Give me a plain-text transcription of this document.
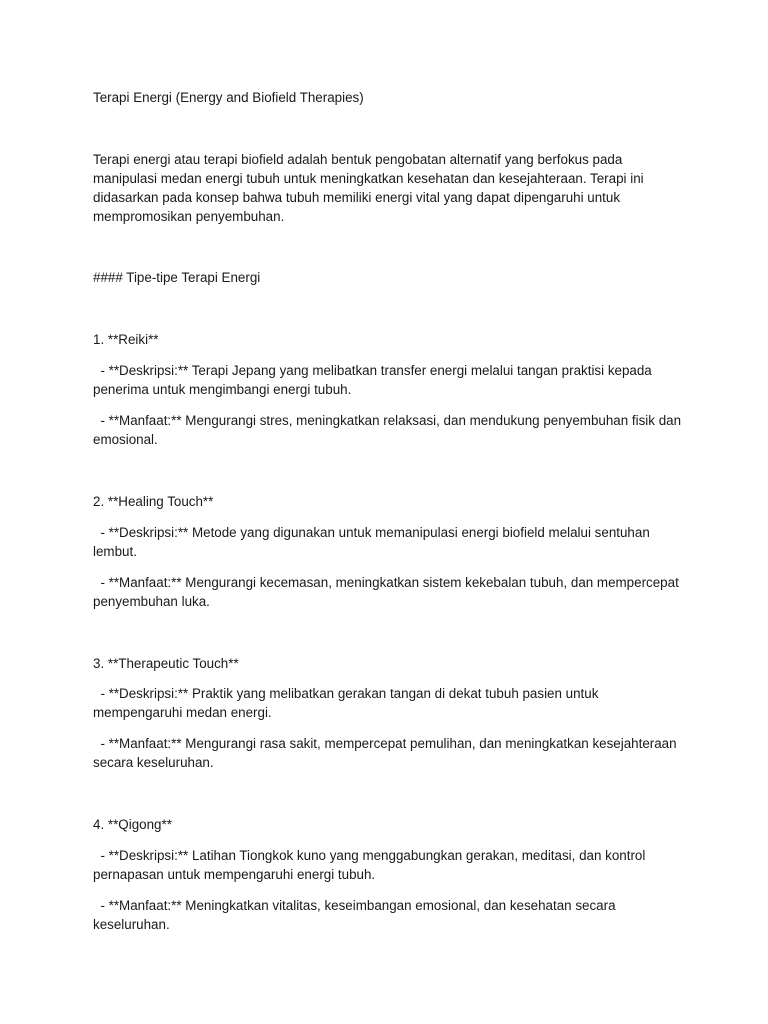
Terapi Energi (Energy and Biofield Therapies)

Terapi energi atau terapi biofield adalah bentuk pengobatan alternatif yang berfokus pada

manipulasi medan energi tubuh untuk meningkatkan kesehatan dan kesejahteraan. Terapi ini

didasarkan pada konsep bahwa tubuh memiliki energi vital yang dapat dipengaruhi untuk

mempromosikan penyembuhan.

#### Tipe-tipe Terapi Energi

1. **Reiki**

- **Deskripsi:** Terapi Jepang yang melibatkan transfer energi melalui tangan praktisi kepada

penerima untuk mengimbangi energi tubuh.

- **Manfaat:** Mengurangi stres, meningkatkan relaksasi, dan mendukung penyembuhan fisik dan

emosional.

2. **Healing Touch**

- **Deskripsi:** Metode yang digunakan untuk memanipulasi energi biofield melalui sentuhan

lembut.

- **Manfaat:** Mengurangi kecemasan, meningkatkan sistem kekebalan tubuh, dan mempercepat

penyembuhan luka.

3. **Therapeutic Touch**

- **Deskripsi:** Praktik yang melibatkan gerakan tangan di dekat tubuh pasien untuk

mempengaruhi medan energi.

- **Manfaat:** Mengurangi rasa sakit, mempercepat pemulihan, dan meningkatkan kesejahteraan

secara keseluruhan.

4. **Qigong**

- **Deskripsi:** Latihan Tiongkok kuno yang menggabungkan gerakan, meditasi, dan kontrol

pernapasan untuk mempengaruhi energi tubuh.

- **Manfaat:** Meningkatkan vitalitas, keseimbangan emosional, dan kesehatan secara

keseluruhan.
